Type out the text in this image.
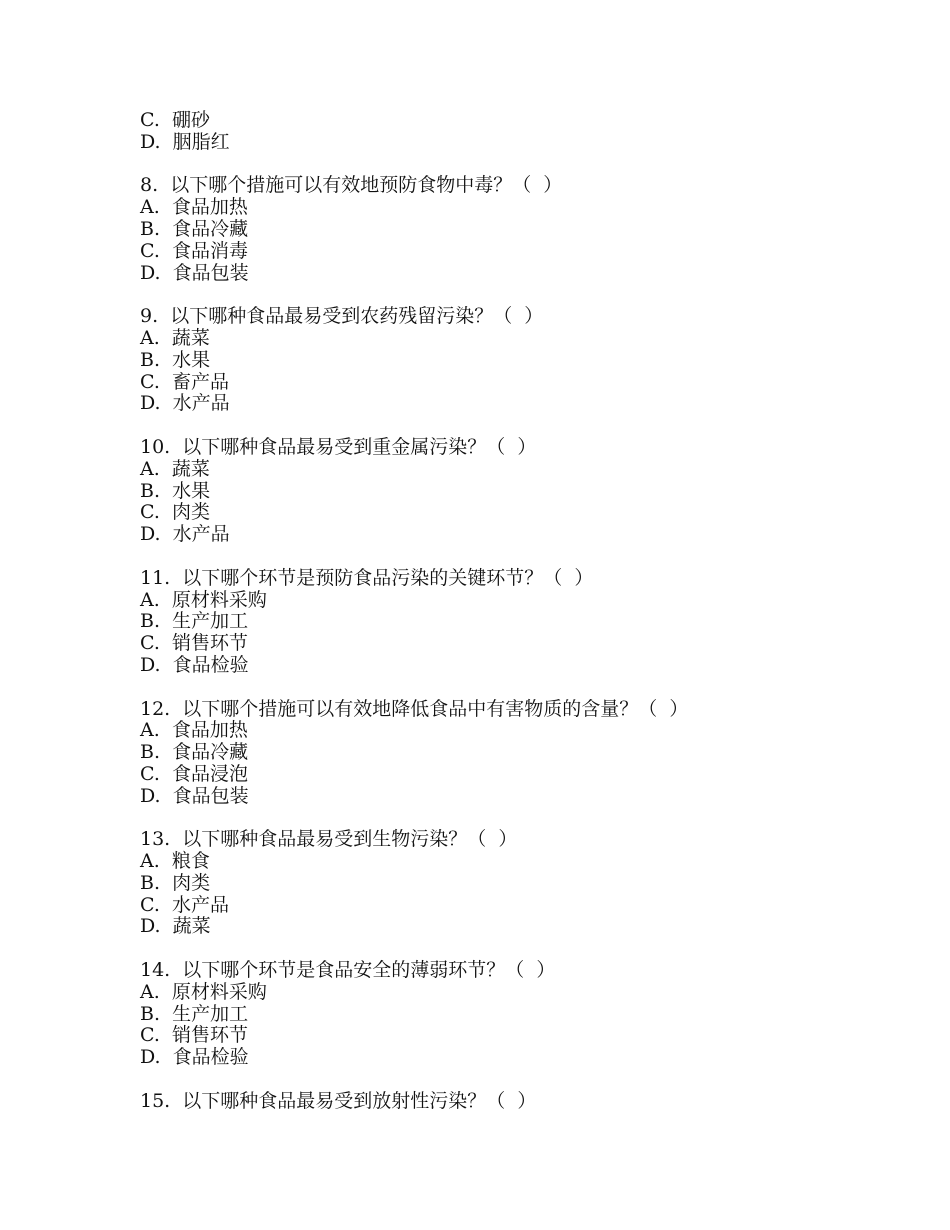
C.  硼砂
D.  胭脂红
8.  以下哪个措施可以有效地预防食物中毒？（  ）
A.  食品加热
B.  食品冷藏
C.  食品消毒
D.  食品包装
9.  以下哪种食品最易受到农药残留污染？（  ）
A.  蔬菜
B.  水果
C.  畜产品
D.  水产品
10.  以下哪种食品最易受到重金属污染？（  ）
A.  蔬菜
B.  水果
C.  肉类
D.  水产品
11.  以下哪个环节是预防食品污染的关键环节？（  ）
A.  原材料采购
B.  生产加工
C.  销售环节
D.  食品检验
12.  以下哪个措施可以有效地降低食品中有害物质的含量？（  ）
A.  食品加热
B.  食品冷藏
C.  食品浸泡
D.  食品包装
13.  以下哪种食品最易受到生物污染？（  ）
A.  粮食
B.  肉类
C.  水产品
D.  蔬菜
14.  以下哪个环节是食品安全的薄弱环节？（  ）
A.  原材料采购
B.  生产加工
C.  销售环节
D.  食品检验
15.  以下哪种食品最易受到放射性污染？（  ）
